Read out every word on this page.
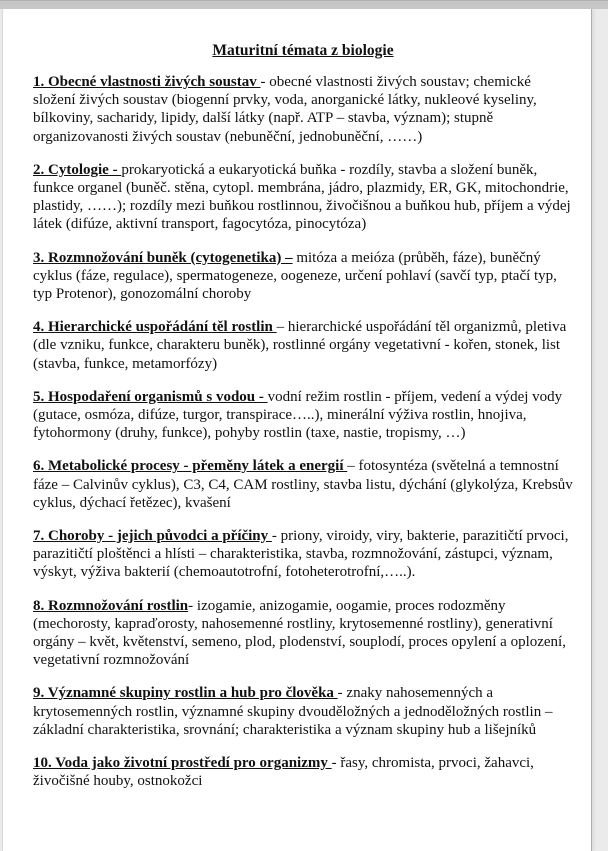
Maturitní témata z biologie

1. Obecné vlastnosti živých soustav - obecné vlastnosti živých soustav; chemické složení živých soustav (biogenní prvky, voda, anorganické látky, nukleové kyseliny, bílkoviny, sacharidy, lipidy, další látky (např. ATP – stavba, význam); stupně organizovanosti živých soustav (nebuněční, jednobuněční, ……)

2. Cytologie - prokaryotická a eukaryotická buňka - rozdíly, stavba a složení buněk, funkce organel (buněč. stěna, cytopl. membrána, jádro, plazmidy, ER, GK, mitochondrie, plastidy, ……); rozdíly mezi buňkou rostlinnou, živočišnou a buňkou hub, příjem a výdej látek (difúze, aktivní transport, fagocytóza, pinocytóza)

3. Rozmnožování buněk (cytogenetika) – mitóza a meióza (průběh, fáze), buněčný cyklus (fáze, regulace), spermatogeneze, oogeneze, určení pohlaví (savčí typ, ptačí typ, typ Protenor), gonozomální choroby

4. Hierarchické uspořádání těl rostlin – hierarchické uspořádání těl organizmů, pletiva (dle vzniku, funkce, charakteru buněk), rostlinné orgány vegetativní - kořen, stonek, list (stavba, funkce, metamorfózy)

5. Hospodaření organismů s vodou - vodní režim rostlin - příjem, vedení a výdej vody (gutace, osmóza, difúze, turgor, transpirace…..), minerální výživa rostlin, hnojiva, fytohormony (druhy, funkce), pohyby rostlin (taxe, nastie, tropismy, …)

6. Metabolické procesy - přeměny látek a energií – fotosyntéza (světelná a temnostní fáze – Calvinův cyklus), C3, C4, CAM rostliny, stavba listu, dýchání (glykolýza, Krebsův cyklus, dýchací řetězec), kvašení

7. Choroby - jejich původci a příčiny - priony, viroidy, viry, bakterie, parazitičtí prvoci, parazitičtí ploštěnci a hlísti – charakteristika, stavba, rozmnožování, zástupci, význam, výskyt, výživa bakterií (chemoautotrofní, fotoheterotrofní,…..).

8. Rozmnožování rostlin- izogamie, anizogamie, oogamie, proces rodozměny (mechorosty, kapraďorosty, nahosemenné rostliny, krytosemenné rostliny), generativní orgány – květ, květenství, semeno, plod, plodenství, souplodí, proces opylení a oplození, vegetativní rozmnožování

9. Významné skupiny rostlin a hub pro člověka - znaky nahosemenných a krytosemenných rostlin, významné skupiny dvouděložných a jednoděložných rostlin – základní charakteristika, srovnání; charakteristika a význam skupiny hub a lišejníků

10. Voda jako životní prostředí pro organizmy - řasy, chromista, prvoci, žahavci, živočišné houby, ostnokožci
